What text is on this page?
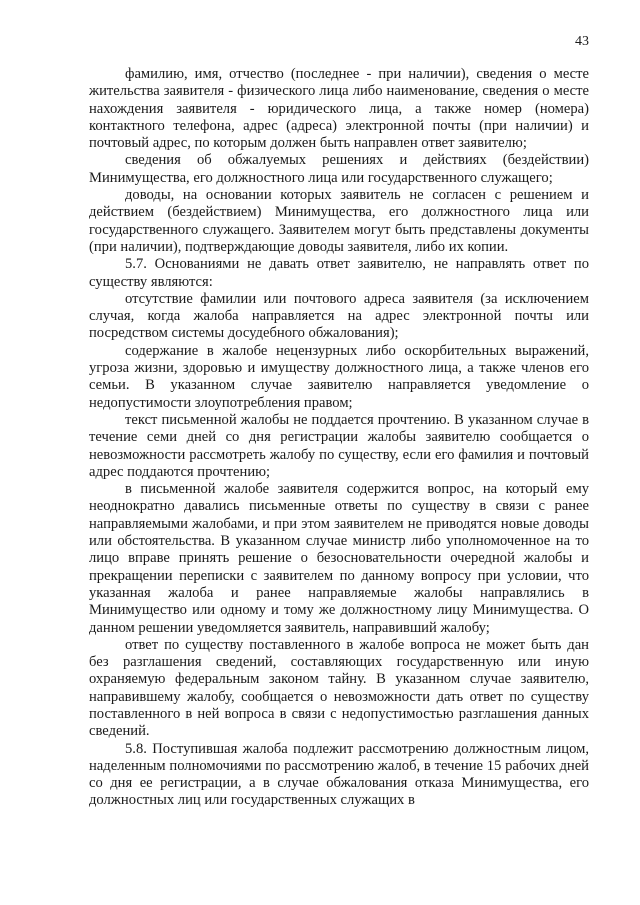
43

фамилию, имя, отчество (последнее - при наличии), сведения о месте жительства заявителя - физического лица либо наименование, сведения о месте нахождения заявителя - юридического лица, а также номер (номера) контактного телефона, адрес (адреса) электронной почты (при наличии) и почтовый адрес, по которым должен быть направлен ответ заявителю;

сведения об обжалуемых решениях и действиях (бездействии) Минимущества, его должностного лица или государственного служащего;

доводы, на основании которых заявитель не согласен с решением и действием (бездействием) Минимущества, его должностного лица или государственного служащего. Заявителем могут быть представлены документы (при наличии), подтверждающие доводы заявителя, либо их копии.

5.7. Основаниями не давать ответ заявителю, не направлять ответ по существу являются:

отсутствие фамилии или почтового адреса заявителя (за исключением случая, когда жалоба направляется на адрес электронной почты или посредством системы досудебного обжалования);

содержание в жалобе нецензурных либо оскорбительных выражений, угроза жизни, здоровью и имуществу должностного лица, а также членов его семьи. В указанном случае заявителю направляется уведомление о недопустимости злоупотребления правом;

текст письменной жалобы не поддается прочтению. В указанном случае в течение семи дней со дня регистрации жалобы заявителю сообщается о невозможности рассмотреть жалобу по существу, если его фамилия и почтовый адрес поддаются прочтению;

в письменной жалобе заявителя содержится вопрос, на который ему неоднократно давались письменные ответы по существу в связи с ранее направляемыми жалобами, и при этом заявителем не приводятся новые доводы или обстоятельства. В указанном случае министр либо уполномоченное на то лицо вправе принять решение о безосновательности очередной жалобы и прекращении переписки с заявителем по данному вопросу при условии, что указанная жалоба и ранее направляемые жалобы направлялись в Минимущество или одному и тому же должностному лицу Минимущества. О данном решении уведомляется заявитель, направивший жалобу;

ответ по существу поставленного в жалобе вопроса не может быть дан без разглашения сведений, составляющих государственную или иную охраняемую федеральным законом тайну. В указанном случае заявителю, направившему жалобу, сообщается о невозможности дать ответ по существу поставленного в ней вопроса в связи с недопустимостью разглашения данных сведений.

5.8. Поступившая жалоба подлежит рассмотрению должностным лицом, наделенным полномочиями по рассмотрению жалоб, в течение 15 рабочих дней со дня ее регистрации, а в случае обжалования отказа Минимущества, его должностных лиц или государственных служащих в
